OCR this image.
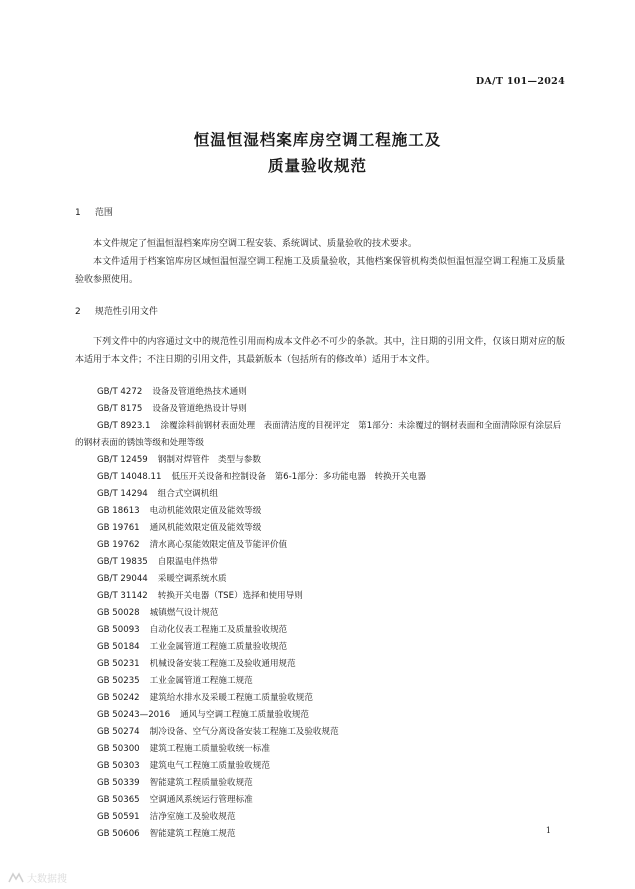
DA/T 101—2024
恒温恒湿档案库房空调工程施工及
质量验收规范
1 范围
本文件规定了恒温恒湿档案库房空调工程安装、系统调试、质量验收的技术要求。
本文件适用于档案馆库房区域恒温恒湿空调工程施工及质量验收，其他档案保管机构类似恒温恒湿空调工程施工及质量验收参照使用。
2 规范性引用文件
下列文件中的内容通过文中的规范性引用而构成本文件必不可少的条款。其中，注日期的引用文件，仅该日期对应的版本适用于本文件；不注日期的引用文件，其最新版本（包括所有的修改单）适用于本文件。
GB/T 4272 设备及管道绝热技术通则
GB/T 8175 设备及管道绝热设计导则
GB/T 8923.1 涂覆涂料前钢材表面处理　表面清洁度的目视评定　第1部分：未涂覆过的钢材表面和全面清除原有涂层后的钢材表面的锈蚀等级和处理等级
GB/T 12459 钢制对焊管件　类型与参数
GB/T 14048.11 低压开关设备和控制设备　第6-1部分：多功能电器　转换开关电器
GB/T 14294 组合式空调机组
GB 18613 电动机能效限定值及能效等级
GB 19761 通风机能效限定值及能效等级
GB 19762 清水离心泵能效限定值及节能评价值
GB/T 19835 自限温电伴热带
GB/T 29044 采暖空调系统水质
GB/T 31142 转换开关电器（TSE）选择和使用导则
GB 50028 城镇燃气设计规范
GB 50093 自动化仪表工程施工及质量验收规范
GB 50184 工业金属管道工程施工质量验收规范
GB 50231 机械设备安装工程施工及验收通用规范
GB 50235 工业金属管道工程施工规范
GB 50242 建筑给水排水及采暖工程施工质量验收规范
GB 50243—2016 通风与空调工程施工质量验收规范
GB 50274 制冷设备、空气分离设备安装工程施工及验收规范
GB 50300 建筑工程施工质量验收统一标准
GB 50303 建筑电气工程施工质量验收规范
GB 50339 智能建筑工程质量验收规范
GB 50365 空调通风系统运行管理标准
GB 50591 洁净室施工及验收规范
GB 50606 智能建筑工程施工规范	1
大数据搜
